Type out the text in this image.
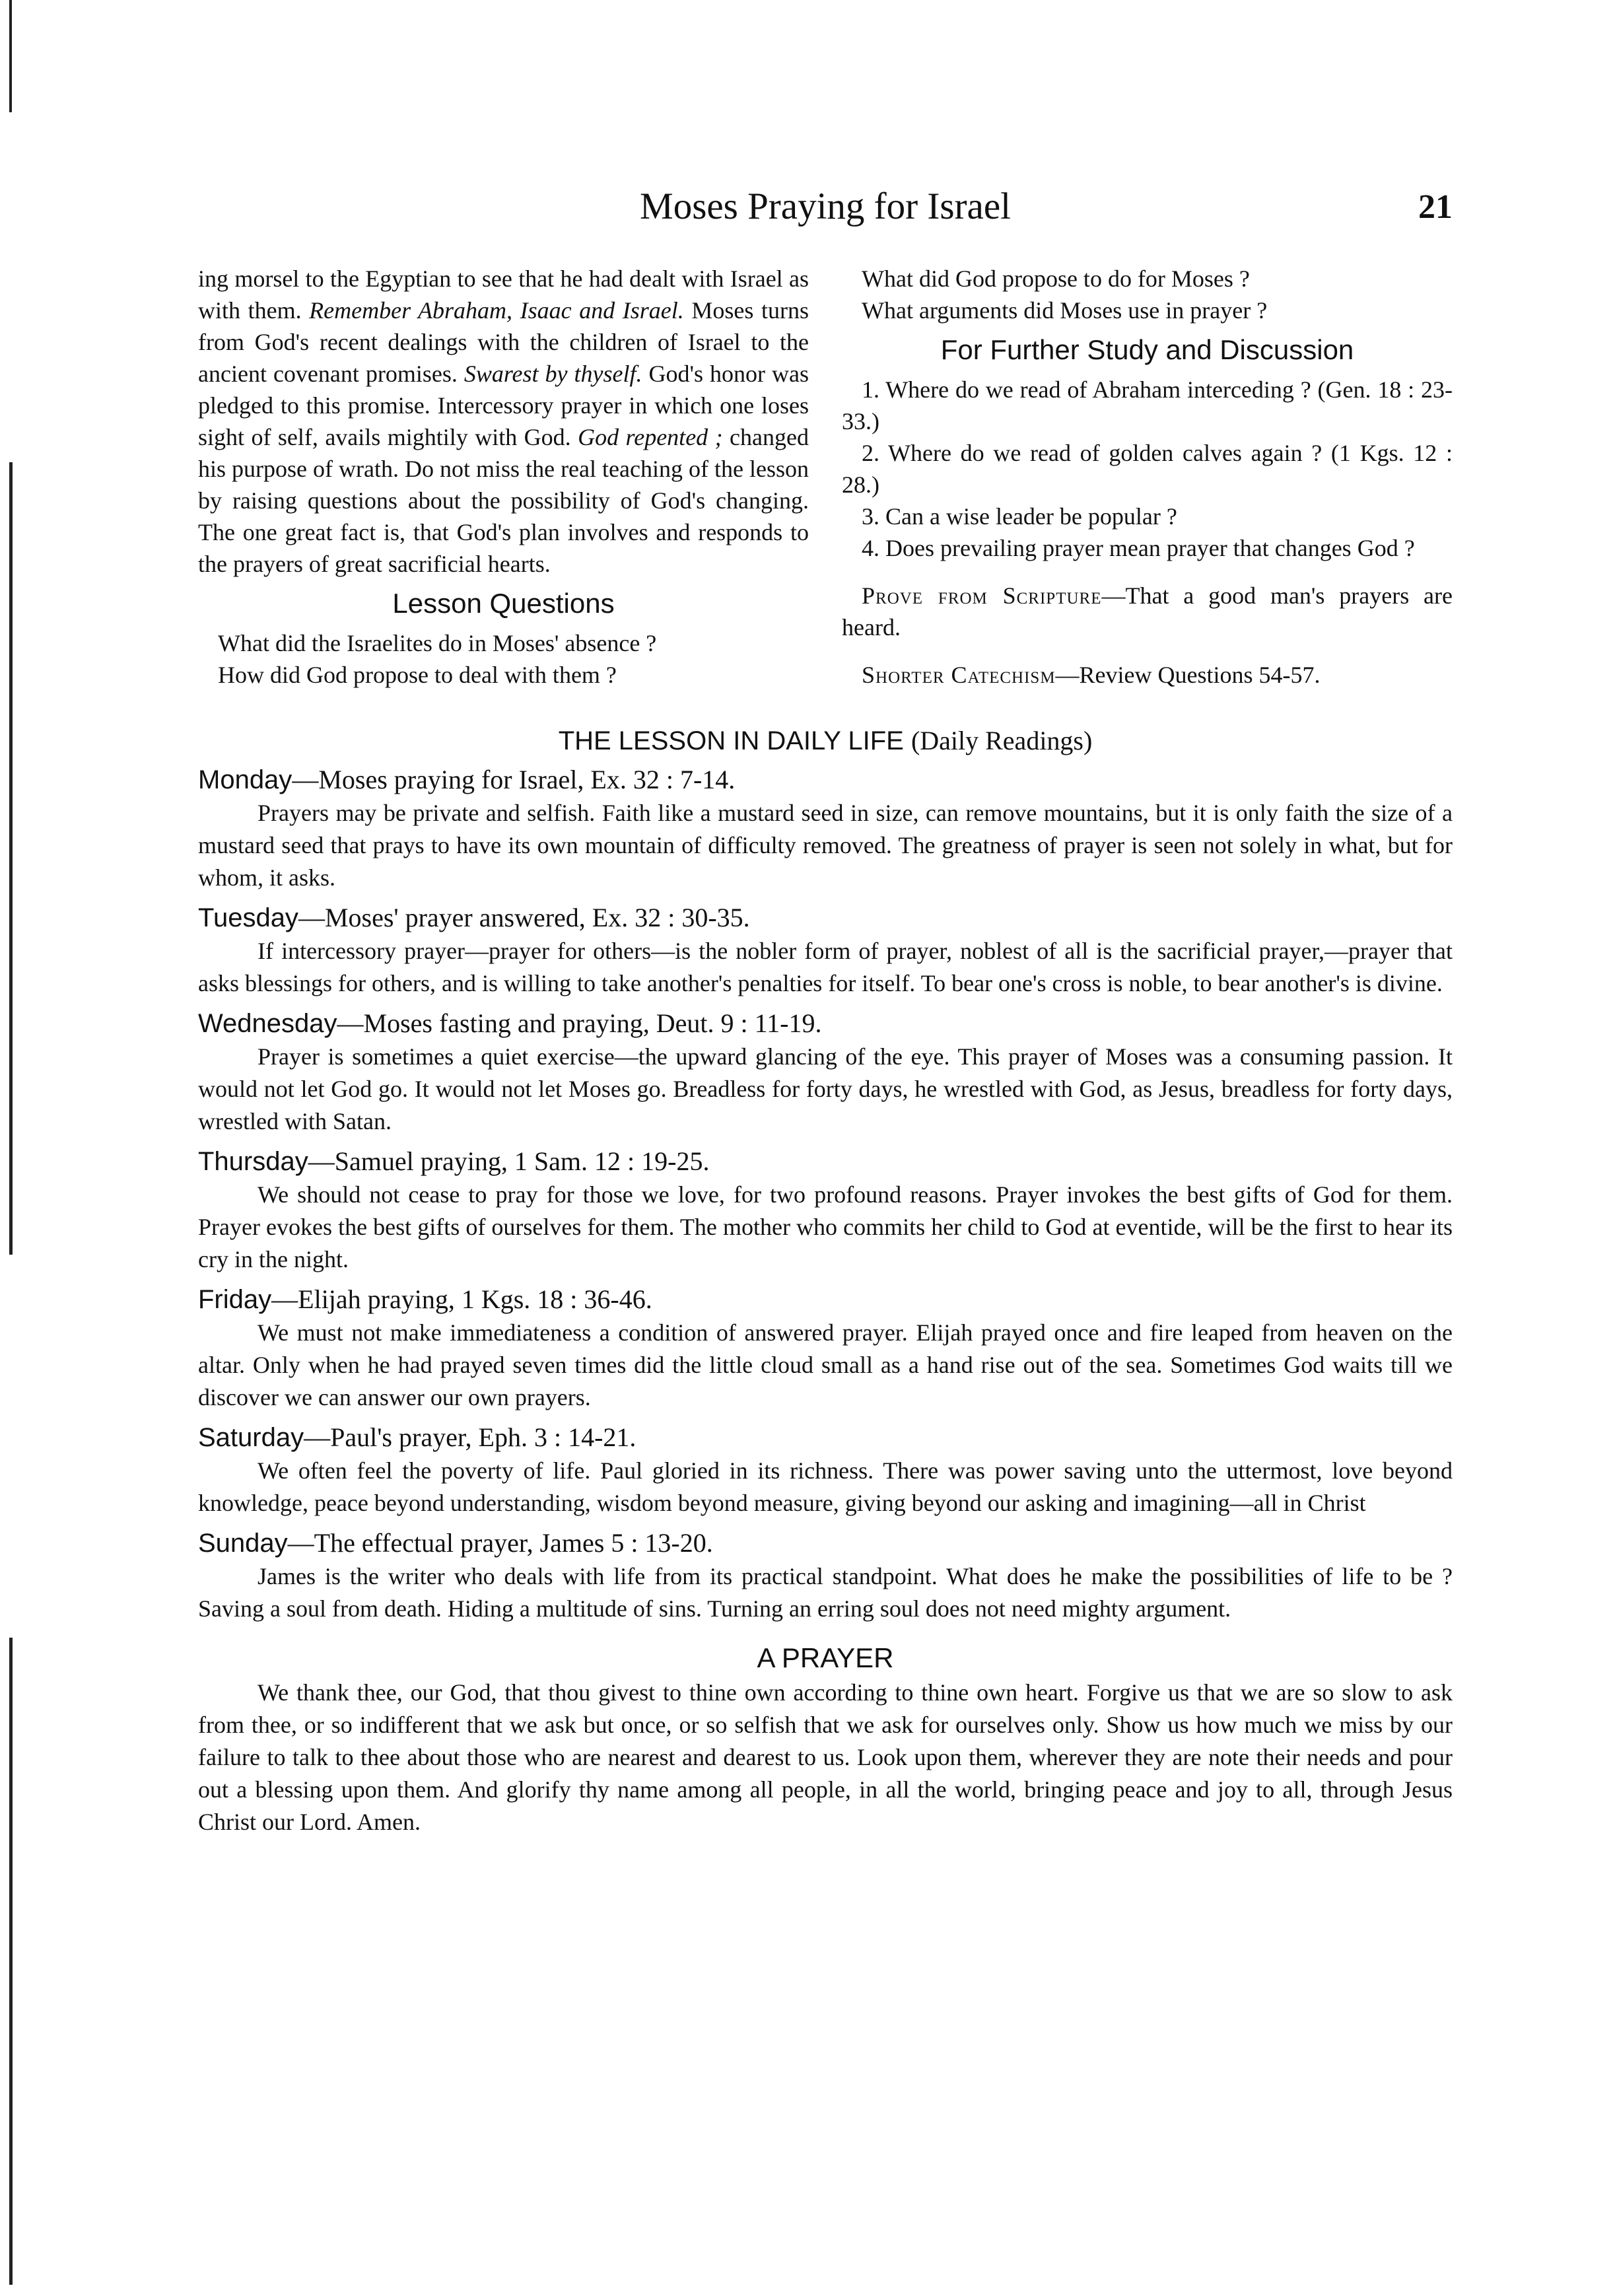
Moses Praying for Israel	21

ing morsel to the Egyptian to see that he had dealt with Israel as with them. Remember Abraham, Isaac and Israel. Moses turns from God's recent dealings with the children of Israel to the ancient covenant promises. Swarest by thyself. God's honor was pledged to this promise. Intercessory prayer in which one loses sight of self, avails mightily with God. God repented ; changed his purpose of wrath. Do not miss the real teaching of the lesson by raising questions about the possibility of God's changing. The one great fact is, that God's plan involves and responds to the prayers of great sacrificial hearts.

Lesson Questions

What did the Israelites do in Moses' absence ?

How did God propose to deal with them ?

What did God propose to do for Moses ?

What arguments did Moses use in prayer ?

For Further Study and Discussion

1. Where do we read of Abraham interceding ? (Gen. 18 : 23-33.)

2. Where do we read of golden calves again ? (1 Kgs. 12 : 28.)

3. Can a wise leader be popular ?

4. Does prevailing prayer mean prayer that changes God ?

Prove from Scripture—That a good man's prayers are heard.

Shorter Catechism—Review Questions 54-57.

THE LESSON IN DAILY LIFE (Daily Readings)
Monday—Moses praying for Israel, Ex. 32 : 7-14.

Prayers may be private and selfish. Faith like a mustard seed in size, can remove mountains, but it is only faith the size of a mustard seed that prays to have its own mountain of difficulty removed. The greatness of prayer is seen not solely in what, but for whom, it asks.

Tuesday—Moses' prayer answered, Ex. 32 : 30-35.

If intercessory prayer—prayer for others—is the nobler form of prayer, noblest of all is the sacrificial prayer,—prayer that asks blessings for others, and is willing to take another's penalties for itself. To bear one's cross is noble, to bear another's is divine.

Wednesday—Moses fasting and praying, Deut. 9 : 11-19.

Prayer is sometimes a quiet exercise—the upward glancing of the eye. This prayer of Moses was a consuming passion. It would not let God go. It would not let Moses go. Breadless for forty days, he wrestled with God, as Jesus, breadless for forty days, wrestled with Satan.

Thursday—Samuel praying, 1 Sam. 12 : 19-25.

We should not cease to pray for those we love, for two profound reasons. Prayer invokes the best gifts of God for them. Prayer evokes the best gifts of ourselves for them. The mother who commits her child to God at eventide, will be the first to hear its cry in the night.

Friday—Elijah praying, 1 Kgs. 18 : 36-46.

We must not make immediateness a condition of answered prayer. Elijah prayed once and fire leaped from heaven on the altar. Only when he had prayed seven times did the little cloud small as a hand rise out of the sea. Sometimes God waits till we discover we can answer our own prayers.

Saturday—Paul's prayer, Eph. 3 : 14-21.

We often feel the poverty of life. Paul gloried in its richness. There was power saving unto the uttermost, love beyond knowledge, peace beyond understanding, wisdom beyond measure, giving beyond our asking and imagining—all in Christ

Sunday—The effectual prayer, James 5 : 13-20.

James is the writer who deals with life from its practical standpoint. What does he make the possibilities of life to be ? Saving a soul from death. Hiding a multitude of sins. Turning an erring soul does not need mighty argument.

A PRAYER

We thank thee, our God, that thou givest to thine own according to thine own heart. Forgive us that we are so slow to ask from thee, or so indifferent that we ask but once, or so selfish that we ask for ourselves only. Show us how much we miss by our failure to talk to thee about those who are nearest and dearest to us. Look upon them, wherever they are note their needs and pour out a blessing upon them. And glorify thy name among all people, in all the world, bringing peace and joy to all, through Jesus Christ our Lord. Amen.
